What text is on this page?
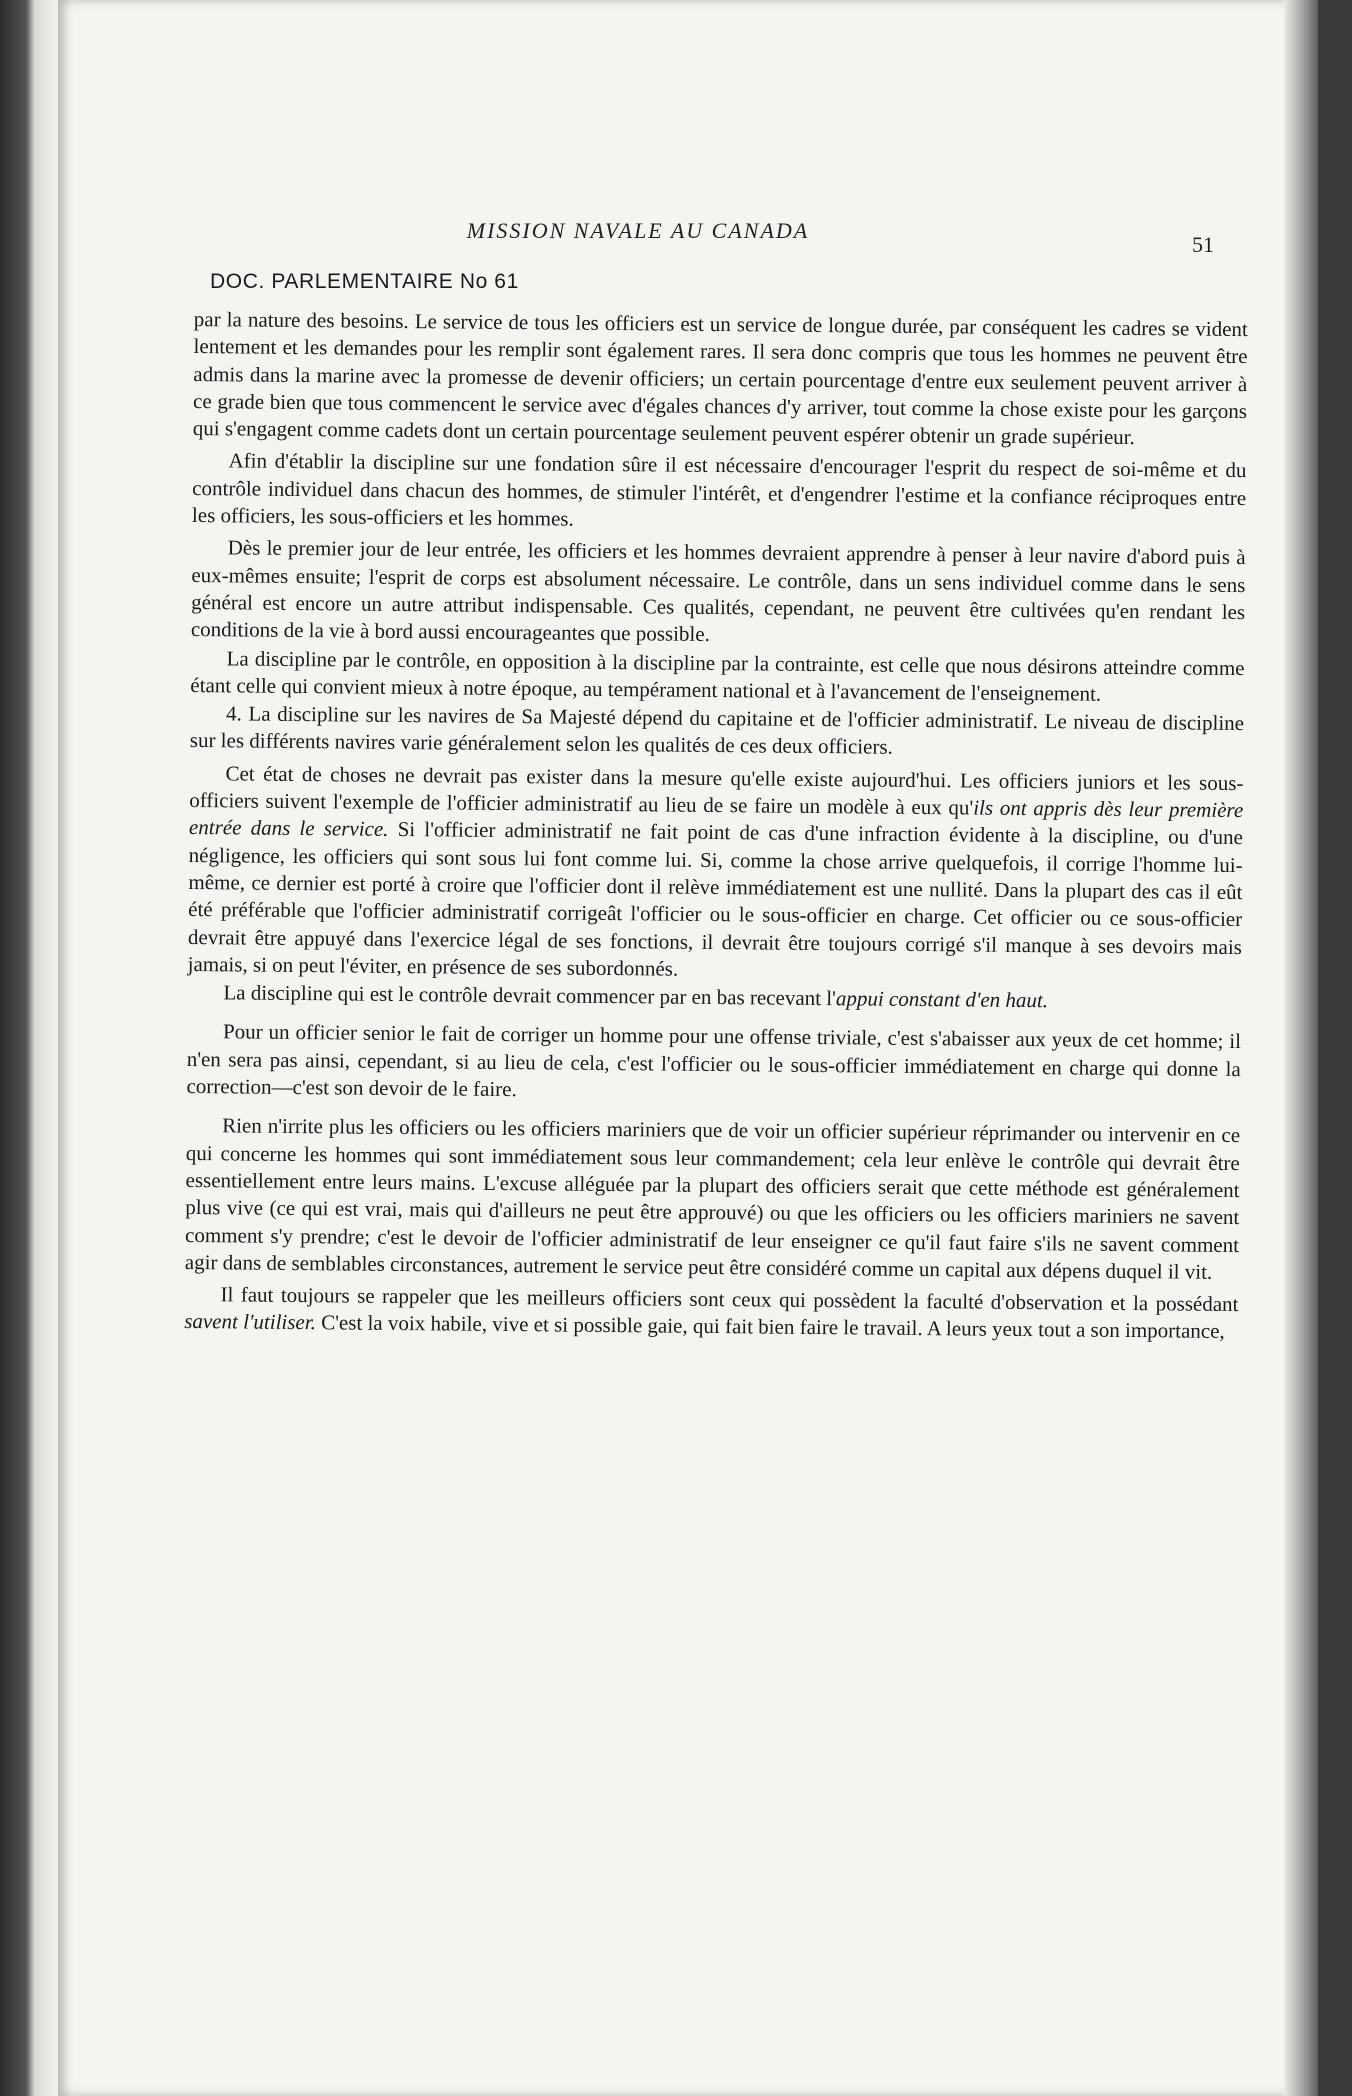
MISSION NAVALE AU CANADA
51
DOC. PARLEMENTAIRE No 61

par la nature des besoins. Le service de tous les officiers est un service de longue durée, par conséquent les cadres se vident lentement et les demandes pour les remplir sont également rares. Il sera donc compris que tous les hommes ne peuvent être admis dans la marine avec la promesse de devenir officiers; un certain pourcentage d'entre eux seulement peuvent arriver à ce grade bien que tous commencent le service avec d'égales chances d'y arriver, tout comme la chose existe pour les garçons qui s'engagent comme cadets dont un certain pourcentage seulement peuvent espérer obtenir un grade supérieur.

Afin d'établir la discipline sur une fondation sûre il est nécessaire d'encourager l'esprit du respect de soi-même et du contrôle individuel dans chacun des hommes, de stimuler l'intérêt, et d'engendrer l'estime et la confiance réciproques entre les officiers, les sous-officiers et les hommes.

Dès le premier jour de leur entrée, les officiers et les hommes devraient apprendre à penser à leur navire d'abord puis à eux-mêmes ensuite; l'esprit de corps est absolument nécessaire. Le contrôle, dans un sens individuel comme dans le sens général est encore un autre attribut indispensable. Ces qualités, cependant, ne peuvent être cultivées qu'en rendant les conditions de la vie à bord aussi encourageantes que possible.

La discipline par le contrôle, en opposition à la discipline par la contrainte, est celle que nous désirons atteindre comme étant celle qui convient mieux à notre époque, au tempérament national et à l'avancement de l'enseignement.

4. La discipline sur les navires de Sa Majesté dépend du capitaine et de l'officier administratif. Le niveau de discipline sur les différents navires varie généralement selon les qualités de ces deux officiers.

Cet état de choses ne devrait pas exister dans la mesure qu'elle existe aujourd'hui. Les officiers juniors et les sous-officiers suivent l'exemple de l'officier administratif au lieu de se faire un modèle à eux qu'ils ont appris dès leur première entrée dans le service. Si l'officier administratif ne fait point de cas d'une infraction évidente à la discipline, ou d'une négligence, les officiers qui sont sous lui font comme lui. Si, comme la chose arrive quelquefois, il corrige l'homme lui-même, ce dernier est porté à croire que l'officier dont il relève immédiatement est une nullité. Dans la plupart des cas il eût été préférable que l'officier administratif corrigeât l'officier ou le sous-officier en charge. Cet officier ou ce sous-officier devrait être appuyé dans l'exercice légal de ses fonctions, il devrait être toujours corrigé s'il manque à ses devoirs mais jamais, si on peut l'éviter, en présence de ses subordonnés.

La discipline qui est le contrôle devrait commencer par en bas recevant l'appui constant d'en haut.

Pour un officier senior le fait de corriger un homme pour une offense triviale, c'est s'abaisser aux yeux de cet homme; il n'en sera pas ainsi, cependant, si au lieu de cela, c'est l'officier ou le sous-officier immédiatement en charge qui donne la correction—c'est son devoir de le faire.

Rien n'irrite plus les officiers ou les officiers mariniers que de voir un officier supérieur réprimander ou intervenir en ce qui concerne les hommes qui sont immédiatement sous leur commandement; cela leur enlève le contrôle qui devrait être essentiellement entre leurs mains. L'excuse alléguée par la plupart des officiers serait que cette méthode est généralement plus vive (ce qui est vrai, mais qui d'ailleurs ne peut être approuvé) ou que les officiers ou les officiers mariniers ne savent comment s'y prendre; c'est le devoir de l'officier administratif de leur enseigner ce qu'il faut faire s'ils ne savent comment agir dans de semblables circonstances, autrement le service peut être considéré comme un capital aux dépens duquel il vit.

Il faut toujours se rappeler que les meilleurs officiers sont ceux qui possèdent la faculté d'observation et la possédant savent l'utiliser. C'est la voix habile, vive et si possible gaie, qui fait bien faire le travail. A leurs yeux tout a son importance,
